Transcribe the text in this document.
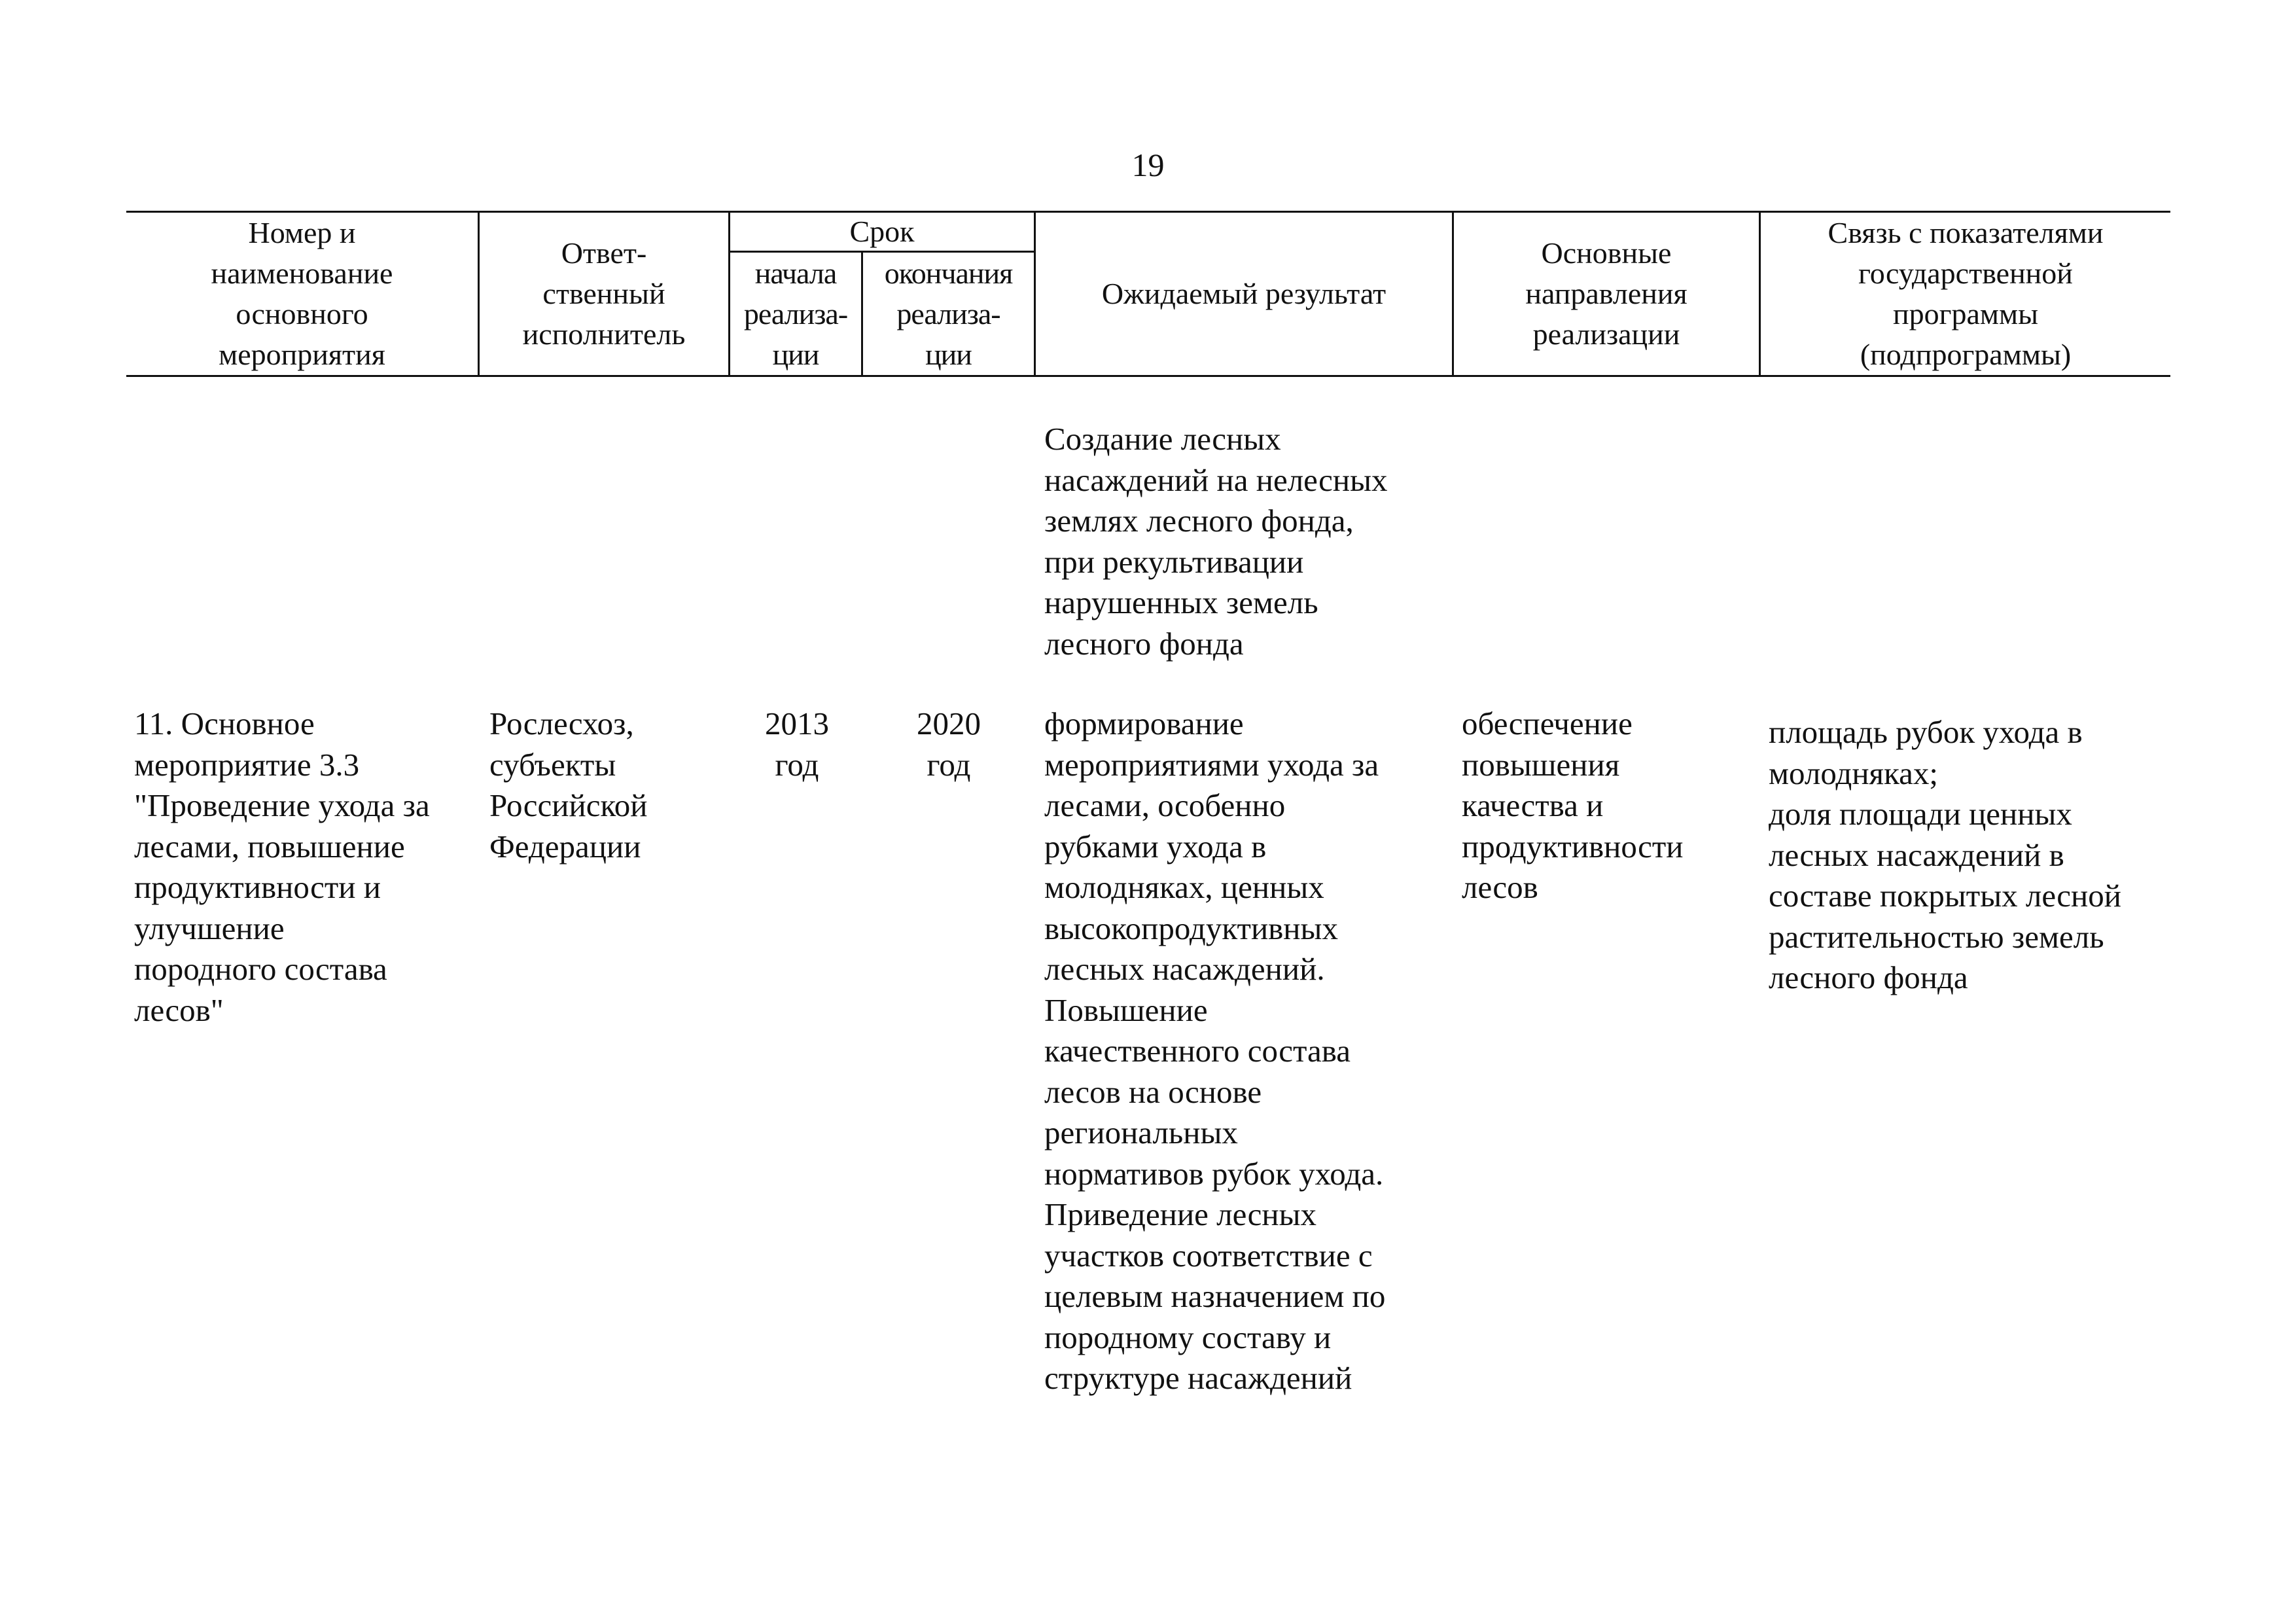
19
Номер и
наименование
основного
мероприятия
Ответ-
ственный
исполнитель
Срок
начала
реализа-
ции
окончания
реализа-
ции
Ожидаемый результат
Основные
направления
реализации
Связь с показателями
государственной
программы
(подпрограммы)
Создание лесных
насаждений на нелесных
землях лесного фонда,
при рекультивации
нарушенных земель
лесного фонда
11. Основное
мероприятие 3.3
"Проведение ухода за
лесами, повышение
продуктивности и
улучшение
породного состава
лесов"
Рослесхоз,
субъекты
Российской
Федерации
2013
год
2020
год
формирование
мероприятиями ухода за
лесами, особенно
рубками ухода в
молодняках, ценных
высокопродуктивных
лесных насаждений.
Повышение
качественного состава
лесов на основе
региональных
нормативов рубок ухода.
Приведение лесных
участков соответствие с
целевым назначением по
породному составу и
структуре насаждений
обеспечение
повышения
качества и
продуктивности
лесов
площадь рубок ухода в
молодняках;
доля площади ценных
лесных насаждений в
составе покрытых лесной
растительностью земель
лесного фонда
